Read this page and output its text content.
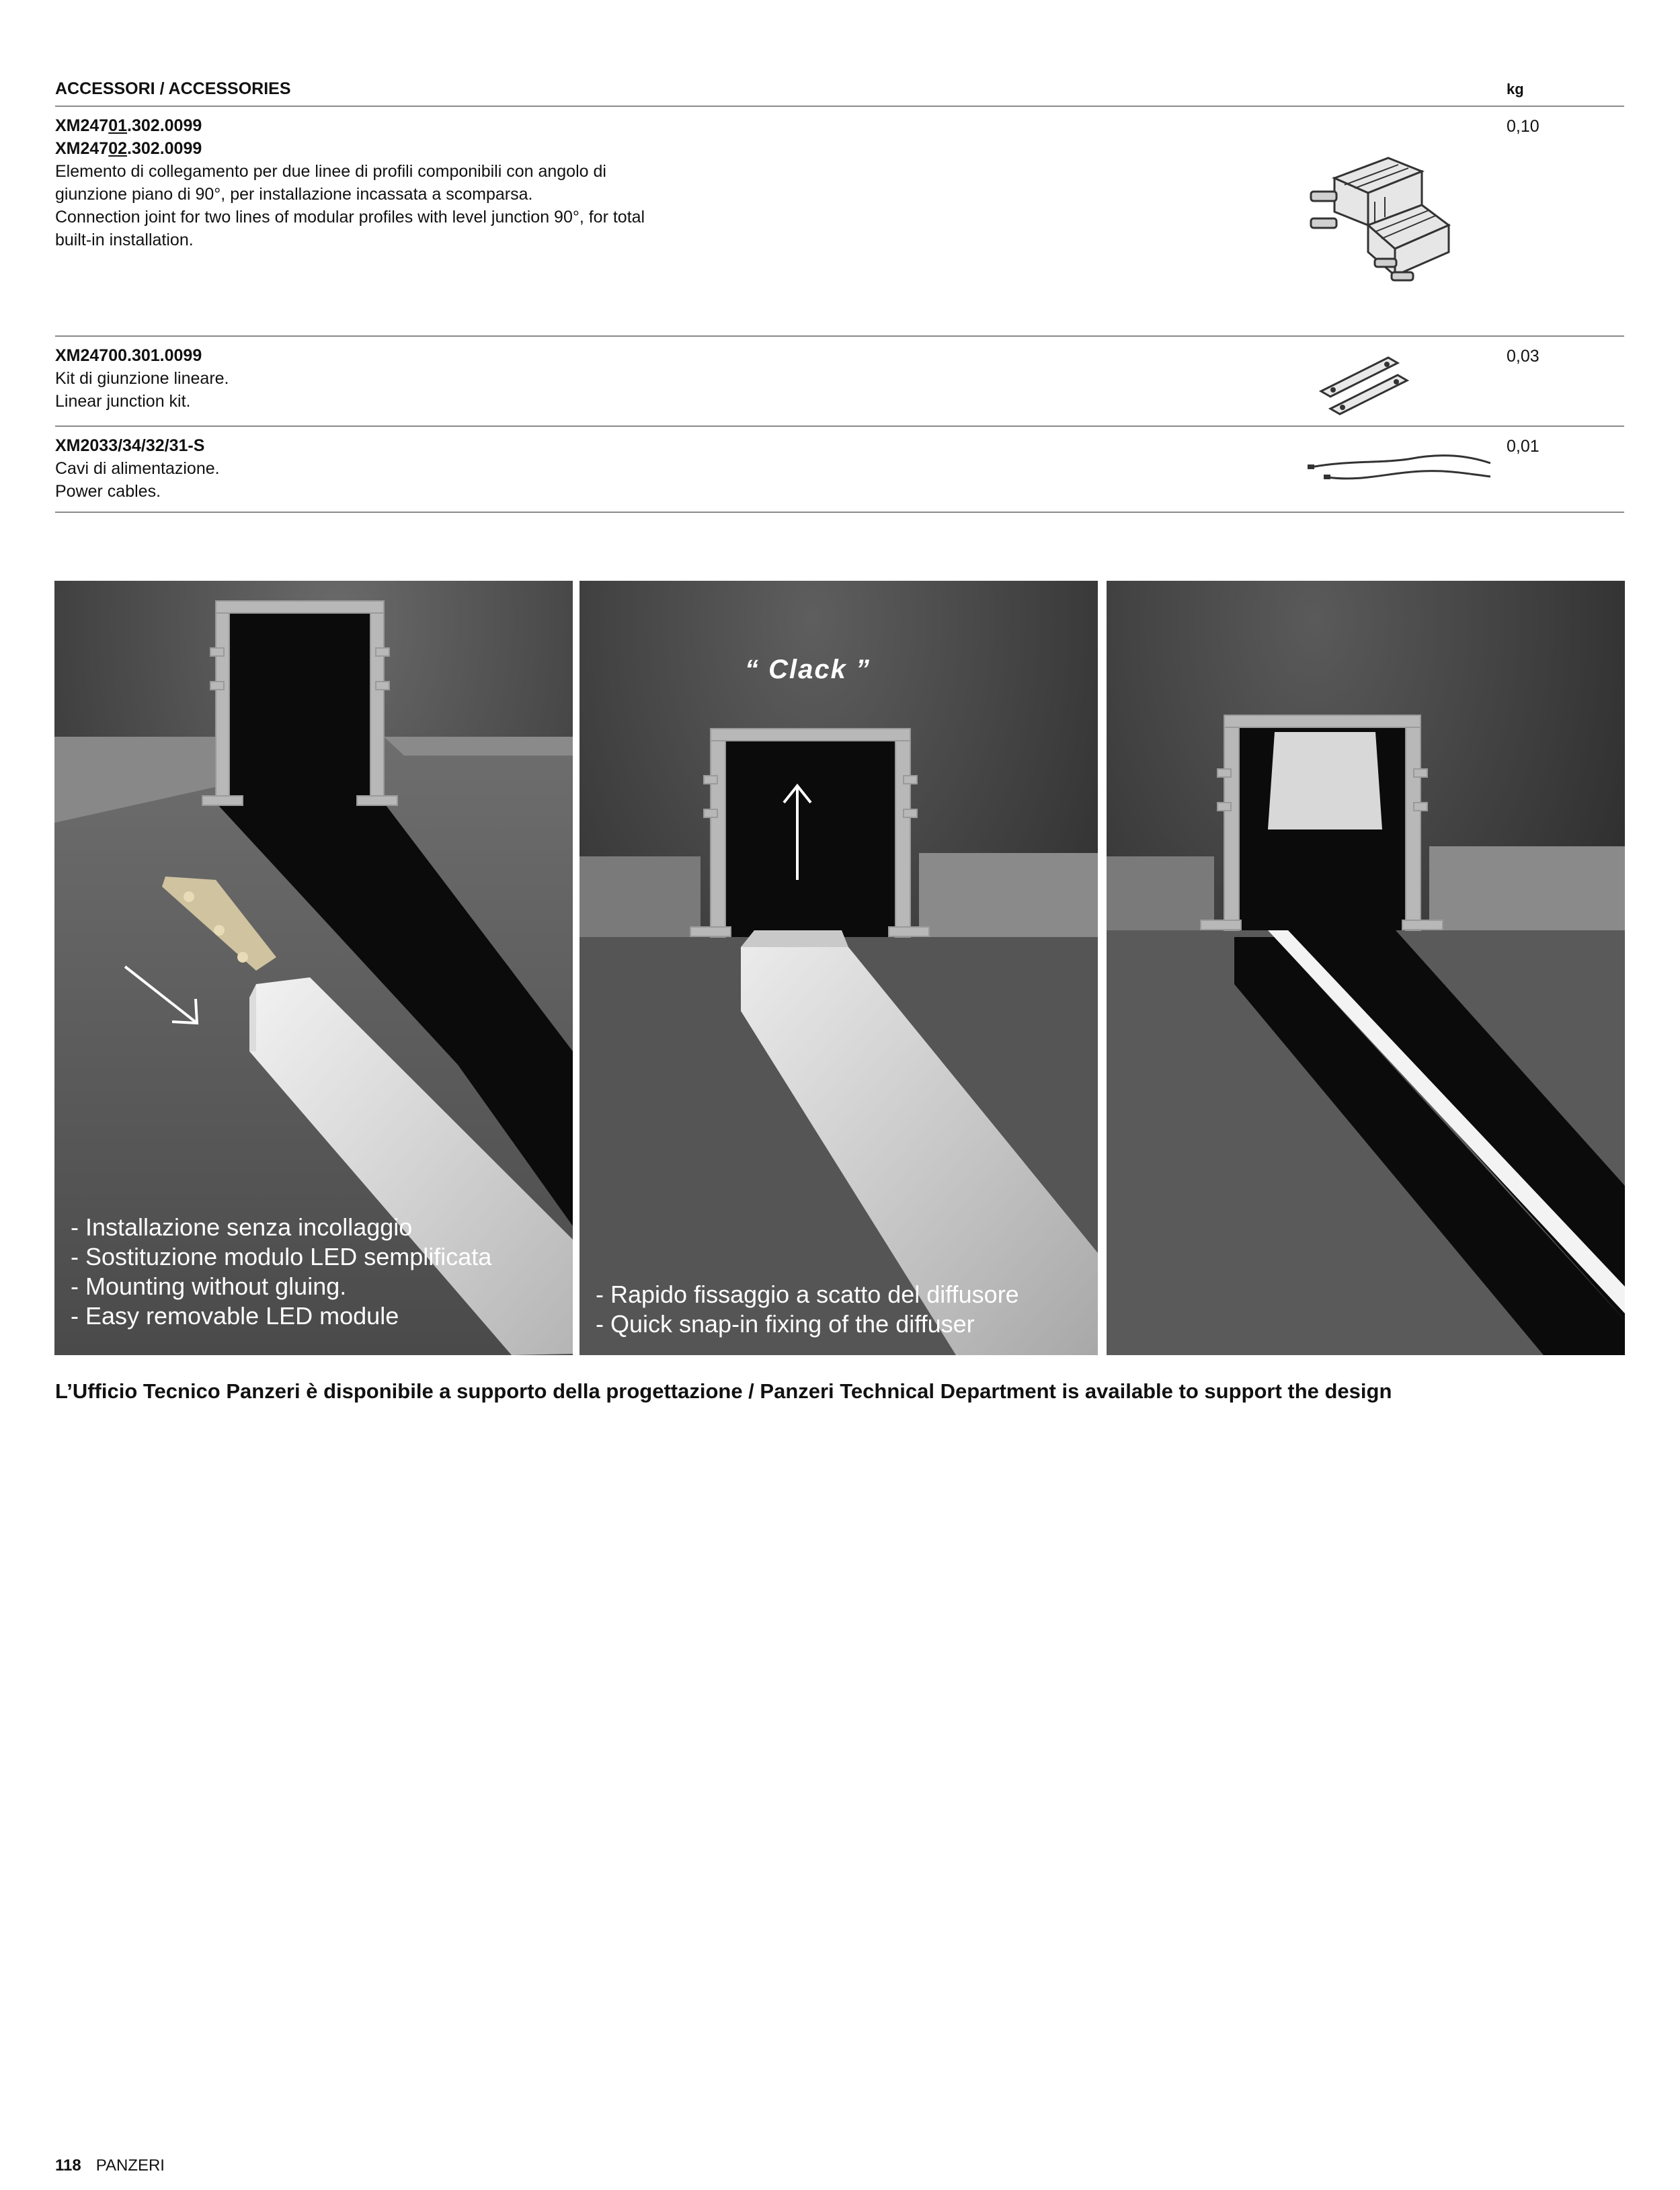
ACCESSORI / ACCESSORIES	kg
XM24701.302.0099
XM24702.302.0099
Elemento di collegamento per due linee di profili componibili con angolo di
giunzione piano di 90°, per installazione incassata a scomparsa.
Connection joint for two lines of modular profiles with level junction 90°, for total
built-in installation.
0,10
XM24700.301.0099
Kit di giunzione lineare.
Linear junction kit.
0,03
XM2033/34/32/31-S
Cavi di alimentazione.
Power cables.
0,01
- Installazione senza incollaggio
- Sostituzione modulo LED semplificata
- Mounting without gluing.
- Easy removable LED module
“ Clack ”
- Rapido fissaggio a scatto del diffusore
- Quick snap-in fixing of the diffuser
L’Ufficio Tecnico Panzeri è disponibile a supporto della progettazione / Panzeri Technical Department is available to support the design
118 PANZERI
